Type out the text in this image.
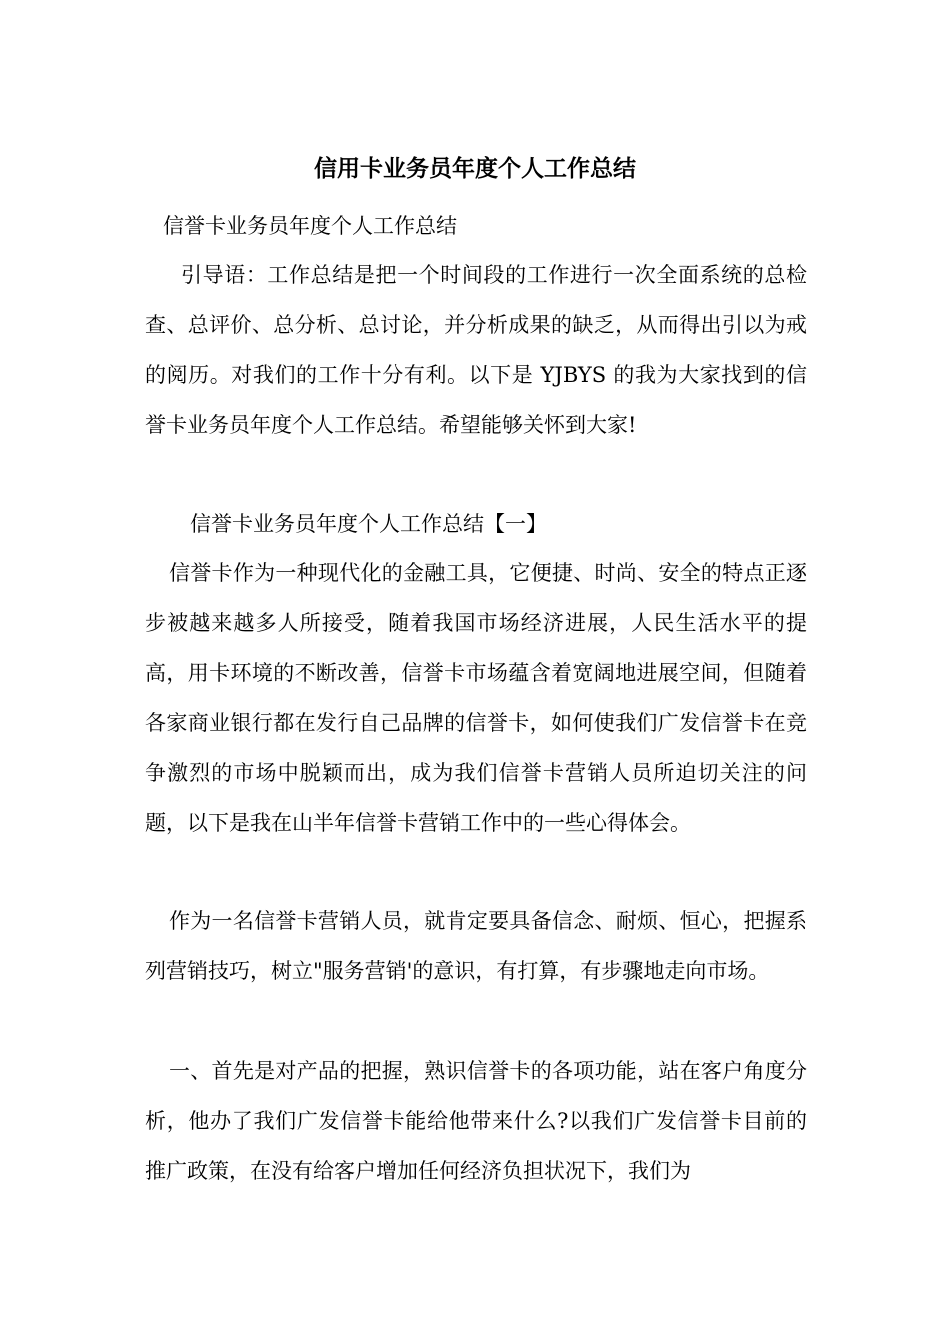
信用卡业务员年度个人工作总结

信誉卡业务员年度个人工作总结

引导语：工作总结是把一个时间段的工作进行一次全面系统的总检查、总评价、总分析、总讨论，并分析成果的缺乏，从而得出引以为戒的阅历。对我们的工作十分有利。以下是 YJBYS 的我为大家找到的信誉卡业务员年度个人工作总结。希望能够关怀到大家!

信誉卡业务员年度个人工作总结【一】

信誉卡作为一种现代化的金融工具，它便捷、时尚、安全的特点正逐步被越来越多人所接受，随着我国市场经济进展，人民生活水平的提高，用卡环境的不断改善，信誉卡市场蕴含着宽阔地进展空间，但随着各家商业银行都在发行自己品牌的信誉卡，如何使我们广发信誉卡在竞争激烈的市场中脱颖而出，成为我们信誉卡营销人员所迫切关注的问题，以下是我在山半年信誉卡营销工作中的一些心得体会。

作为一名信誉卡营销人员，就肯定要具备信念、耐烦、恒心，把握系列营销技巧，树立"服务营销'的意识，有打算，有步骤地走向市场。

一、首先是对产品的把握，熟识信誉卡的各项功能，站在客户角度分析，他办了我们广发信誉卡能给他带来什么?以我们广发信誉卡目前的推广政策，在没有给客户增加任何经济负担状况下，我们为
